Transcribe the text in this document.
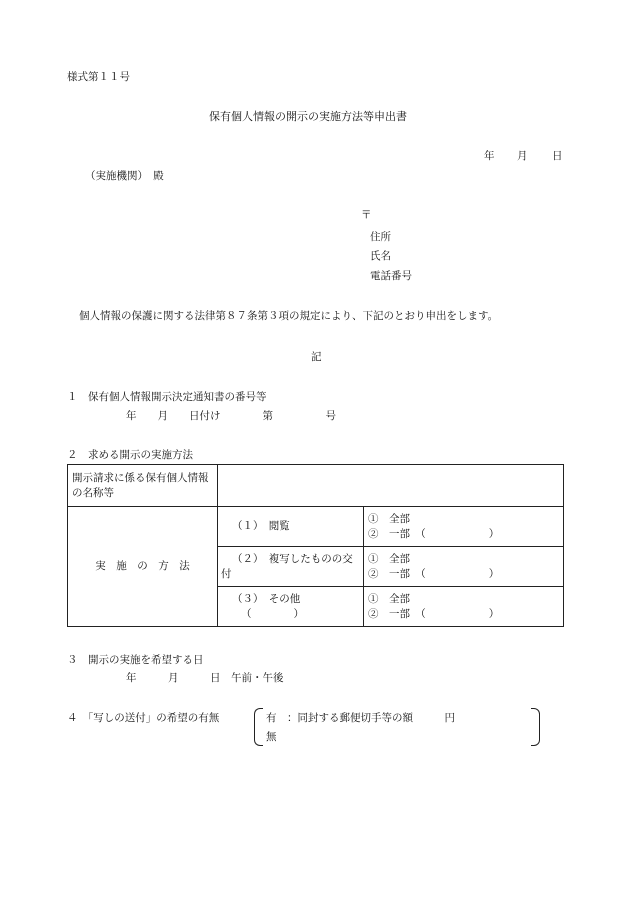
様式第１１号
保有個人情報の開示の実施方法等申出書
年 月 日
（実施機関）　殿
〒
住所
氏名
電話番号
個人情報の保護に関する法律第８７条第３項の規定により、下記のとおり申出をします。
記
１　保有個人情報開示決定通知書の番号等
年　　月　　日付け　　　　第　　　　　号
２　求める開示の実施方法
開示請求に係る保有個人情報の名称等		
実　施　の　方　法	（１）　閲覧	①　全部
②　一部　（　　　　　　）

	（２）　複写したものの交付	①　全部
②　一部　（　　　　　　）

	（３）　その他
（　　　　）	①　全部
②　一部　（　　　　　　）
３　開示の実施を希望する日
年　　　月　　　日　午前・午後
４　「写しの送付」の希望の有無	有　：同封する郵便切手等の額　　　円
無
